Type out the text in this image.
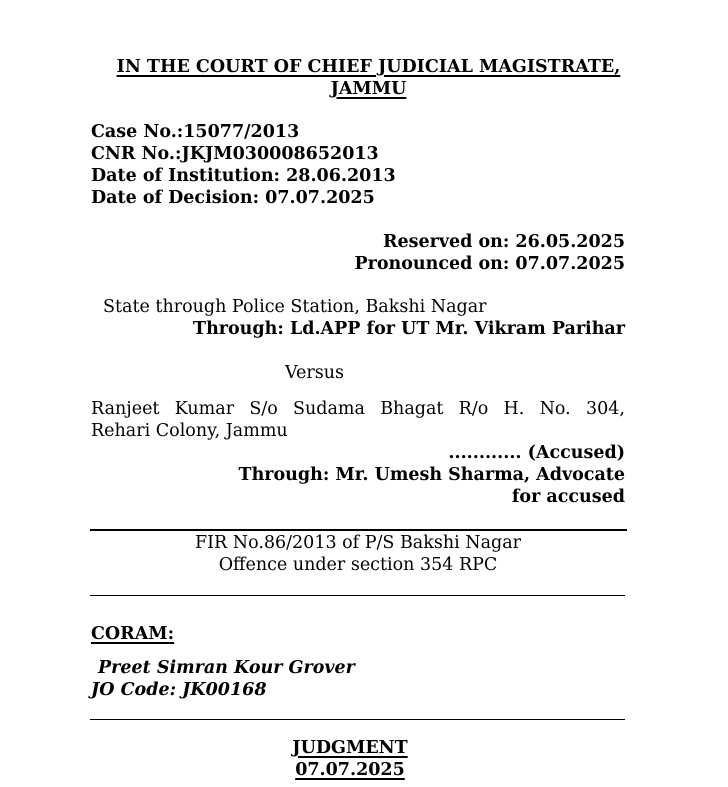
IN THE COURT OF CHIEF JUDICIAL MAGISTRATE,
JAMMU
Case No.:15077/2013
CNR No.:JKJM030008652013
Date of Institution: 28.06.2013
Date of Decision: 07.07.2025
Reserved on: 26.05.2025
Pronounced on: 07.07.2025
State through Police Station, Bakshi Nagar
Through: Ld.APP for UT Mr. Vikram Parihar
Versus
Ranjeet Kumar S/o Sudama Bhagat R/o H. No. 304,
Rehari Colony, Jammu
............ (Accused)
Through: Mr. Umesh Sharma, Advocate
for accused
FIR No.86/2013 of P/S Bakshi Nagar
Offence under section 354 RPC
CORAM:
Preet Simran Kour Grover
JO Code: JK00168
JUDGMENT
07.07.2025
